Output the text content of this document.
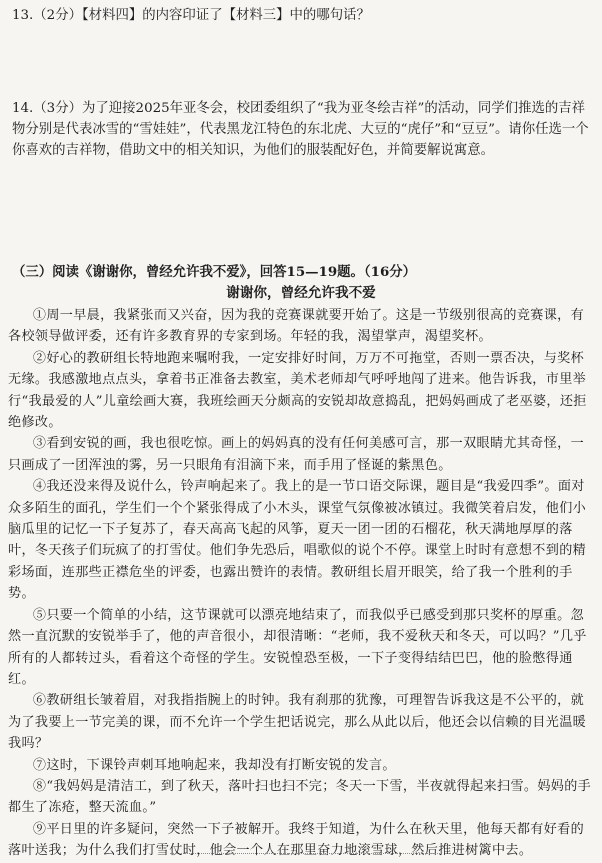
13.（2分）【材料四】的内容印证了【材料三】中的哪句话？
14.（3分）为了迎接2025年亚冬会，校团委组织了“我为亚冬绘吉祥”的活动，同学们推选的吉祥物分别是代表冰雪的“雪娃娃”，代表黑龙江特色的东北虎、大豆的“虎仔”和“豆豆”。请你任选一个你喜欢的吉祥物，借助文中的相关知识，为他们的服装配好色，并简要解说寓意。
（三）阅读《谢谢你，曾经允许我不爱》，回答15—19题。（16分）
谢谢你，曾经允许我不爱

①周一早晨，我紧张而又兴奋，因为我的竞赛课就要开始了。这是一节级别很高的竞赛课，有各校领导做评委，还有许多教育界的专家到场。年轻的我，渴望掌声，渴望奖杯。

②好心的教研组长特地跑来嘱咐我，一定安排好时间，万万不可拖堂，否则一票否决，与奖杯无缘。我感激地点点头，拿着书正准备去教室，美术老师却气呼呼地闯了进来。他告诉我，市里举行“我最爱的人”儿童绘画大赛，我班绘画天分颇高的安锐却故意捣乱，把妈妈画成了老巫婆，还拒绝修改。

③看到安锐的画，我也很吃惊。画上的妈妈真的没有任何美感可言，那一双眼睛尤其奇怪，一只画成了一团浑浊的雾，另一只眼角有泪滴下来，而手用了怪诞的紫黑色。

④我还没来得及说什么，铃声响起来了。我上的是一节口语交际课，题目是“我爱四季”。面对众多陌生的面孔，学生们一个个紧张得成了小木头，课堂气氛像被冰镇过。我微笑着启发，他们小脑瓜里的记忆一下子复苏了，春天高高飞起的风筝，夏天一团一团的石榴花，秋天满地厚厚的落叶，冬天孩子们玩疯了的打雪仗。他们争先恐后，唱歌似的说个不停。课堂上时时有意想不到的精彩场面，连那些正襟危坐的评委，也露出赞许的表情。教研组长眉开眼笑，给了我一个胜利的手势。

⑤只要一个简单的小结，这节课就可以漂亮地结束了，而我似乎已感受到那只奖杯的厚重。忽然一直沉默的安锐举手了，他的声音很小，却很清晰：“老师，我不爱秋天和冬天，可以吗？”几乎所有的人都转过头，看着这个奇怪的学生。安锐惶恐至极，一下子变得结结巴巴，他的脸憋得通红。

⑥教研组长皱着眉，对我指指腕上的时钟。我有刹那的犹豫，可理智告诉我这是不公平的，就为了我要上一节完美的课，而不允许一个学生把话说完，那么从此以后，他还会以信赖的目光温暖我吗？

⑦这时，下课铃声刺耳地响起来，我却没有打断安锐的发言。

⑧“我妈妈是清洁工，到了秋天，落叶扫也扫不完；冬天一下雪，半夜就得起来扫雪。妈妈的手都生了冻疮，整天流血。”

⑨平日里的许多疑问，突然一下子被解开。我终于知道，为什么在秋天里，他每天都有好看的落叶送我；为什么我们打雪仗时，他会一个人在那里奋力地滚雪球，然后推进树篱中去。
